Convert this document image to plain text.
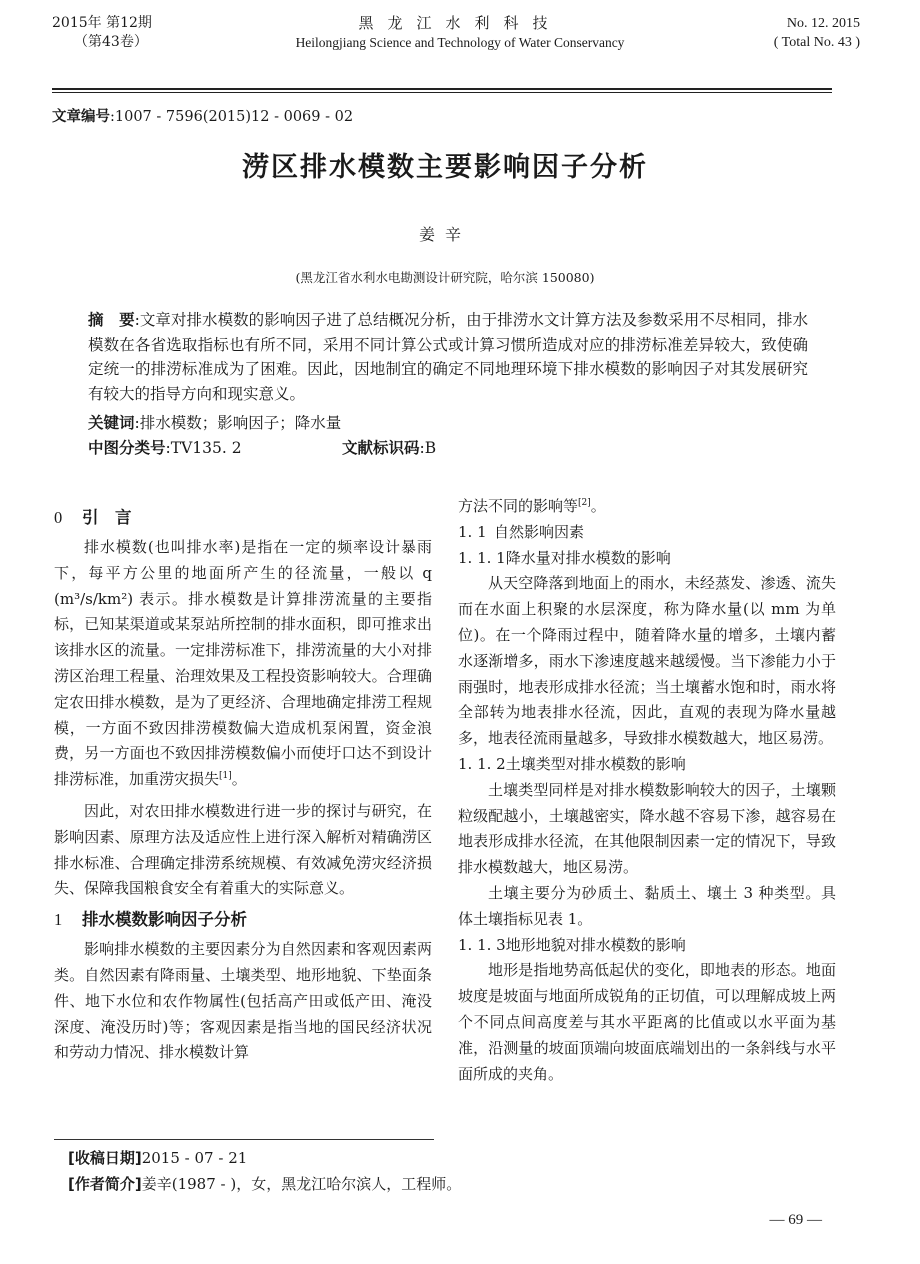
2015年 第12期
（第43卷）
黑龙江水利科技
Heilongjiang Science and Technology of Water Conservancy
No. 12. 2015
( Total No. 43 )
文章编号:1007 - 7596(2015)12 - 0069 - 02
涝区排水模数主要影响因子分析
姜辛
(黑龙江省水利水电勘测设计研究院，哈尔滨 150080)
摘　要:文章对排水模数的影响因子进了总结概况分析，由于排涝水文计算方法及参数采用不尽相同，排水模数在各省选取指标也有所不同，采用不同计算公式或计算习惯所造成对应的排涝标准差异较大，致使确定统一的排涝标准成为了困难。因此，因地制宜的确定不同地理环境下排水模数的影响因子对其发展研究有较大的指导方向和现实意义。
关键词:排水模数；影响因子；降水量
中图分类号:TV135. 2	文献标识码:B
0 引　言

排水模数(也叫排水率)是指在一定的频率设计暴雨下，每平方公里的地面所产生的径流量，一般以 q (m³/s/km²) 表示。排水模数是计算排涝流量的主要指标，已知某渠道或某泵站所控制的排水面积，即可推求出该排水区的流量。一定排涝标准下，排涝流量的大小对排涝区治理工程量、治理效果及工程投资影响较大。合理确定农田排水模数，是为了更经济、合理地确定排涝工程规模，一方面不致因排涝模数偏大造成机泵闲置，资金浪费，另一方面也不致因排涝模数偏小而使圩口达不到设计排涝标准，加重涝灾损失[1]。

因此，对农田排水模数进行进一步的探讨与研究，在影响因素、原理方法及适应性上进行深入解析对精确涝区排水标准、合理确定排涝系统规模、有效减免涝灾经济损失、保障我国粮食安全有着重大的实际意义。

1 排水模数影响因子分析

影响排水模数的主要因素分为自然因素和客观因素两类。自然因素有降雨量、土壤类型、地形地貌、下垫面条件、地下水位和农作物属性(包括高产田或低产田、淹没深度、淹没历时)等；客观因素是指当地的国民经济状况和劳动力情况、排水模数计算

方法不同的影响等[2]。

1. 1 自然影响因素
1. 1. 1降水量对排水模数的影响

从天空降落到地面上的雨水，未经蒸发、渗透、流失而在水面上积聚的水层深度，称为降水量(以 mm 为单位)。在一个降雨过程中，随着降水量的增多，土壤内蓄水逐渐增多，雨水下渗速度越来越缓慢。当下渗能力小于雨强时，地表形成排水径流；当土壤蓄水饱和时，雨水将全部转为地表排水径流，因此，直观的表现为降水量越多，地表径流雨量越多，导致排水模数越大，地区易涝。

1. 1. 2土壤类型对排水模数的影响

土壤类型同样是对排水模数影响较大的因子，土壤颗粒级配越小，土壤越密实，降水越不容易下渗，越容易在地表形成排水径流，在其他限制因素一定的情况下，导致排水模数越大，地区易涝。

土壤主要分为砂质土、黏质土、壤土 3 种类型。具体土壤指标见表 1。

1. 1. 3地形地貌对排水模数的影响

地形是指地势高低起伏的变化，即地表的形态。地面坡度是坡面与地面所成锐角的正切值，可以理解成坡上两个不同点间高度差与其水平距离的比值或以水平面为基准，沿测量的坡面顶端向坡面底端划出的一条斜线与水平面所成的夹角。

[收稿日期]2015 - 07 - 21
[作者简介]姜辛(1987 - )，女，黑龙江哈尔滨人，工程师。
— 69 —
